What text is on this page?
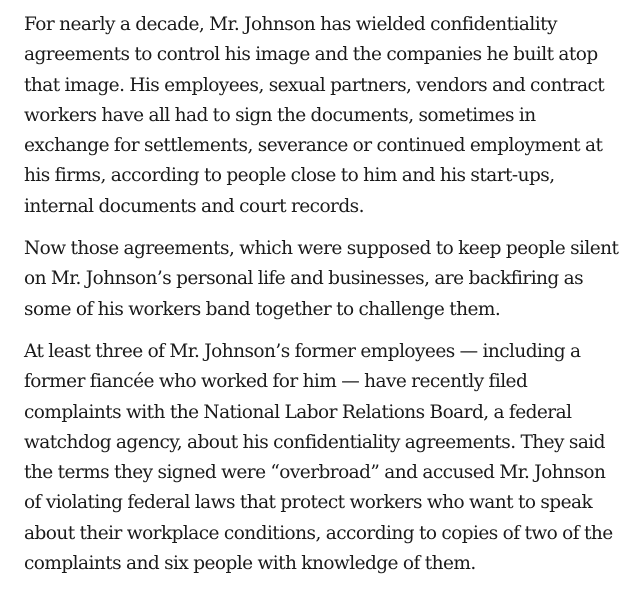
For nearly a decade, Mr. Johnson has wielded confidentiality
agreements to control his image and the companies he built atop
that image. His employees, sexual partners, vendors and contract
workers have all had to sign the documents, sometimes in
exchange for settlements, severance or continued employment at
his firms, according to people close to him and his start-ups,
internal documents and court records.

Now those agreements, which were supposed to keep people silent
on Mr. Johnson’s personal life and businesses, are backfiring as
some of his workers band together to challenge them.

At least three of Mr. Johnson’s former employees — including a
former fiancée who worked for him — have recently filed
complaints with the National Labor Relations Board, a federal
watchdog agency, about his confidentiality agreements. They said
the terms they signed were “overbroad” and accused Mr. Johnson
of violating federal laws that protect workers who want to speak
about their workplace conditions, according to copies of two of the
complaints and six people with knowledge of them.
